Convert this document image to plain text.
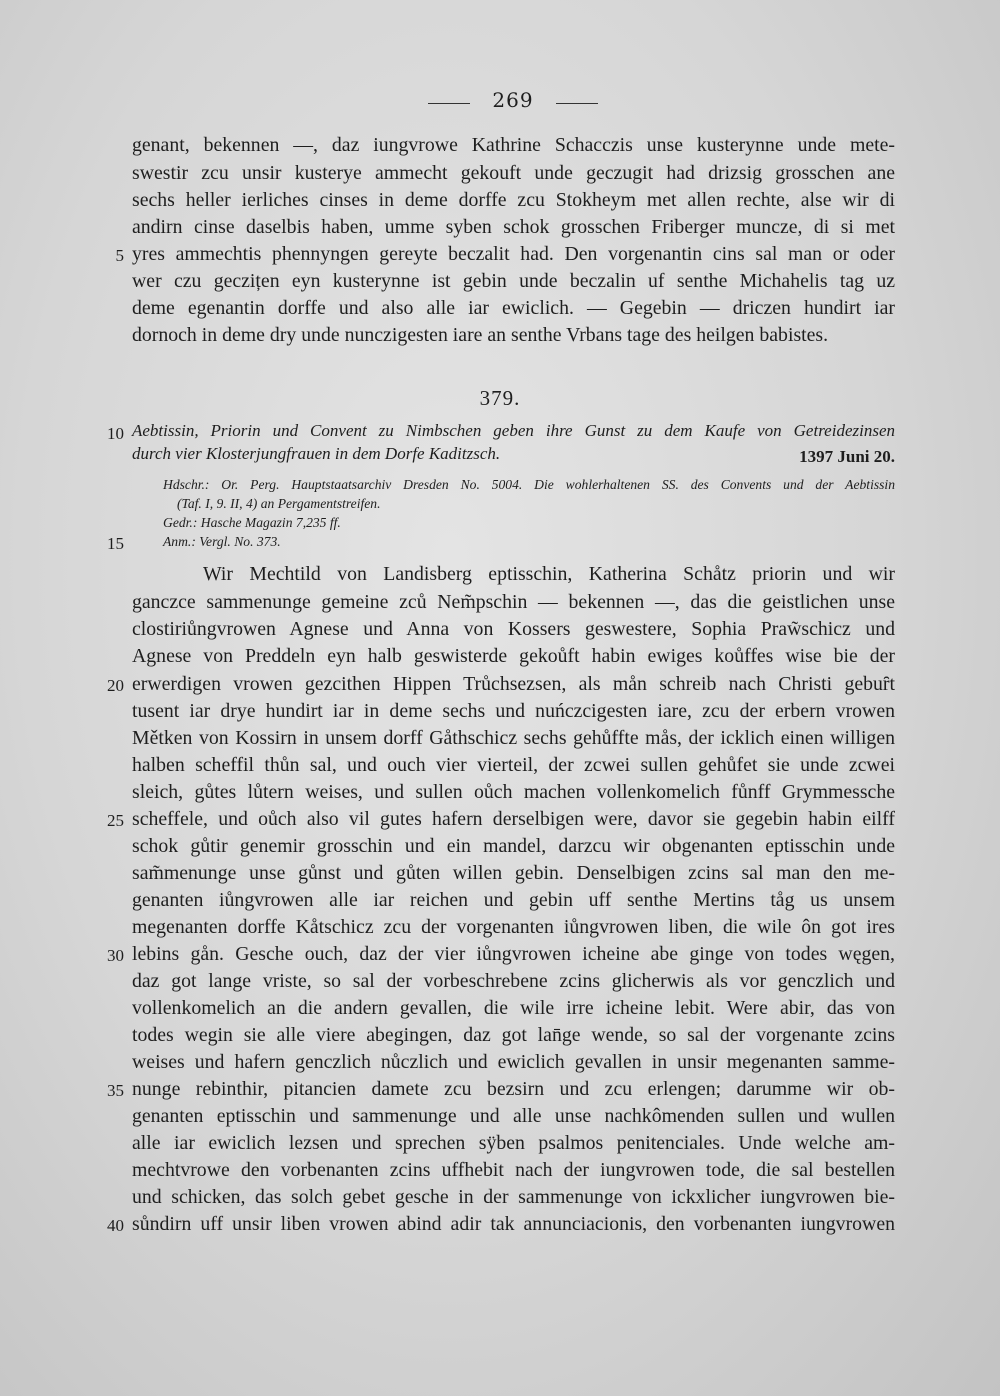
269
genant, bekennen —, daz iungvrowe Kathrine Schacczis unse kusterynne unde mete-
swestir zcu unsir kusterye ammecht gekouft unde geczugit had drizsig grosschen ane
sechs heller ierliches cinses in deme dorffe zcu Stokheym met allen rechte, alse wir di
andirn cinse daselbis haben, umme syben schok grosschen Friberger muncze, di si met
yres ammechtis phennyngen gereyte beczalit had. Den vorgenantin cins sal man or oder
wer czu geczițen eyn kusterynne ist gebin unde beczalin uf senthe Michahelis tag uz
deme egenantin dorffe und also alle iar ewiclich. — Gegebin — driczen hundirt iar
dornoch in deme dry unde nunczigesten iare an senthe Vrbans tage des heilgen babistes.
5
379.
10 Aebtissin, Priorin und Convent zu Nimbschen geben ihre Gunst zu dem Kaufe von Getreidezinsen
durch vier Klosterjungfrauen in dem Dorfe Kaditzsch.	1397 Juni 20.
Hdschr.: Or. Perg. Hauptstaatsarchiv Dresden No. 5004. Die wohlerhaltenen SS. des Convents und der Aebtissin
(Taf. I, 9. II, 4) an Pergamentstreifen.
Gedr.: Hasche Magazin 7,235 ff.
Anm.: Vergl. No. 373.
15
Wir Mechtild von Landisberg eptisschin, Katherina Schåtz priorin und wir
ganczce sammenunge gemeine zců Nem̃pschin — bekennen —, das die geistlichen unse
clostiriůngvrowen Agnese und Anna von Kossers geswestere, Sophia Praw̃schicz und
Agnese von Preddeln eyn halb geswisterde gekoůft habin ewiges koůffes wise bie der
erwerdigen vrowen gezcithen Hippen Trůchsezsen, als mån schreib nach Christi gebuȓt
tusent iar drye hundirt iar in deme sechs und nuńczcigesten iare, zcu der erbern vrowen
Mětken von Kossirn in unsem dorff Gåthschicz sechs gehůffte mås, der icklich einen willigen
halben scheffil thůn sal, und ouch vier vierteil, der zcwei sullen gehůfet sie unde zcwei
sleich, gůtes lůtern weises, und sullen oůch machen vollenkomelich fůnff Grymmessche
scheffele, und oůch also vil gutes hafern derselbigen were, davor sie gegebin habin eilff
schok gůtir genemir grosschin und ein mandel, darzcu wir obgenanten eptisschin unde
sam̃menunge unse gůnst und gůten willen gebin. Denselbigen zcins sal man den me-
genanten iůngvrowen alle iar reichen und gebin uff senthe Mertins tåg us unsem
megenanten dorffe Kåtschicz zcu der vorgenanten iůngvrowen liben, die wile ôn got ires
lebins gån. Gesche ouch, daz der vier iůngvrowen icheine abe ginge von todes węgen,
daz got lange vriste, so sal der vorbeschrebene zcins glicherwis als vor genczlich und
vollenkomelich an die andern gevallen, die wile irre icheine lebit. Were abir, das von
todes wegin sie alle viere abegingen, daz got lan̄ge wende, so sal der vorgenante zcins
weises und hafern genczlich nůczlich und ewiclich gevallen in unsir megenanten samme-
nunge rebinthir, pitancien damete zcu bezsirn und zcu erlengen; darumme wir ob-
genanten eptisschin und sammenunge und alle unse nachkômenden sullen und wullen
alle iar ewiclich lezsen und sprechen sÿben psalmos penitenciales. Unde welche am-
mechtvrowe den vorbenanten zcins uffhebit nach der iungvrowen tode, die sal bestellen
und schicken, das solch gebet gesche in der sammenunge von ickxlicher iungvrowen bie-
sůndirn uff unsir liben vrowen abind adir tak annunciacionis, den vorbenanten iungvrowen
20
25
30
35
40
